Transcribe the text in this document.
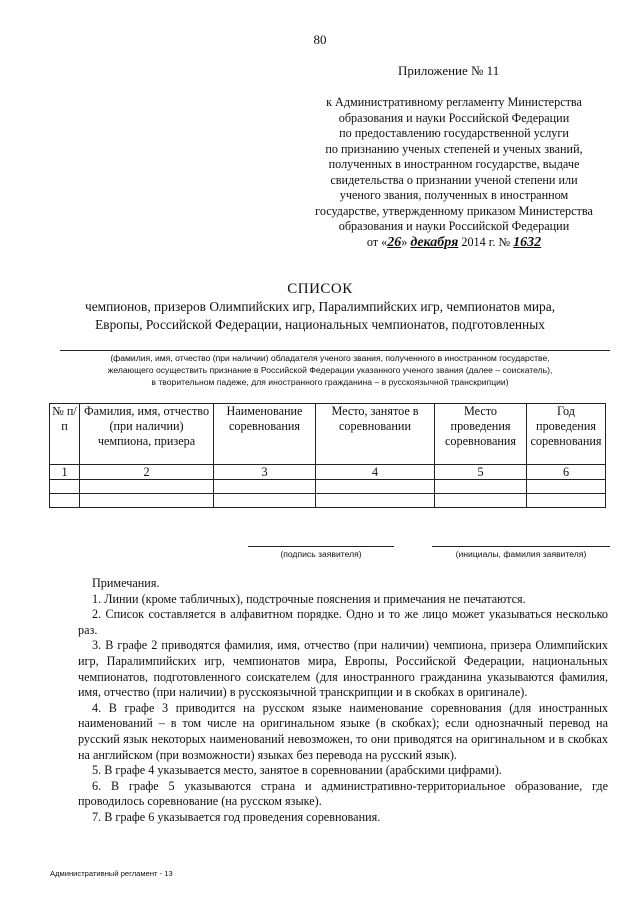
80
Приложение № 11
к Административному регламенту Министерства
образования и науки Российской Федерации
по предоставлению государственной услуги
по признанию ученых степеней и ученых званий,
полученных в иностранном государстве, выдаче
свидетельства о признании ученой степени или
ученого звания, полученных в иностранном
государстве, утвержденному приказом Министерства
образования и науки Российской Федерации
от «26» декабря 2014 г. № 1632
СПИСОК
чемпионов, призеров Олимпийских игр, Паралимпийских игр, чемпионатов мира,
Европы, Российской Федерации, национальных чемпионатов, подготовленных
(фамилия, имя, отчество (при наличии) обладателя ученого звания, полученного в иностранном государстве,
желающего осуществить признание в Российской Федерации указанного ученого звания (далее – соискатель),
в творительном падеже, для иностранного гражданина – в русскоязычной транскрипции)
№ п/п	Фамилия, имя, отчество (при наличии) чемпиона, призера	Наименование соревнования	Место, занятое в соревновании	Место проведения соревнования	Год проведения соревнования
1	2	3	4	5	6

(подпись заявителя)	(инициалы, фамилия заявителя)
Примечания.

1. Линии (кроме табличных), подстрочные пояснения и примечания не печатаются.

2. Список составляется в алфавитном порядке. Одно и то же лицо может указываться несколько раз.

3. В графе 2 приводятся фамилия, имя, отчество (при наличии) чемпиона, призера Олимпийских игр, Паралимпийских игр, чемпионатов мира, Европы, Российской Федерации, национальных чемпионатов, подготовленного соискателем (для иностранного гражданина указываются фамилия, имя, отчество (при наличии) в русскоязычной транскрипции и в скобках в оригинале).

4. В графе 3 приводится на русском языке наименование соревнования (для иностранных наименований – в том числе на оригинальном языке (в скобках); если однозначный перевод на русский язык некоторых наименований невозможен, то они приводятся на оригинальном и в скобках на английском (при возможности) языках без перевода на русский язык).

5. В графе 4 указывается место, занятое в соревновании (арабскими цифрами).

6. В графе 5 указываются страна и административно-территориальное образование, где проводилось соревнование (на русском языке).

7. В графе 6 указывается год проведения соревнования.

Административный регламент - 13
